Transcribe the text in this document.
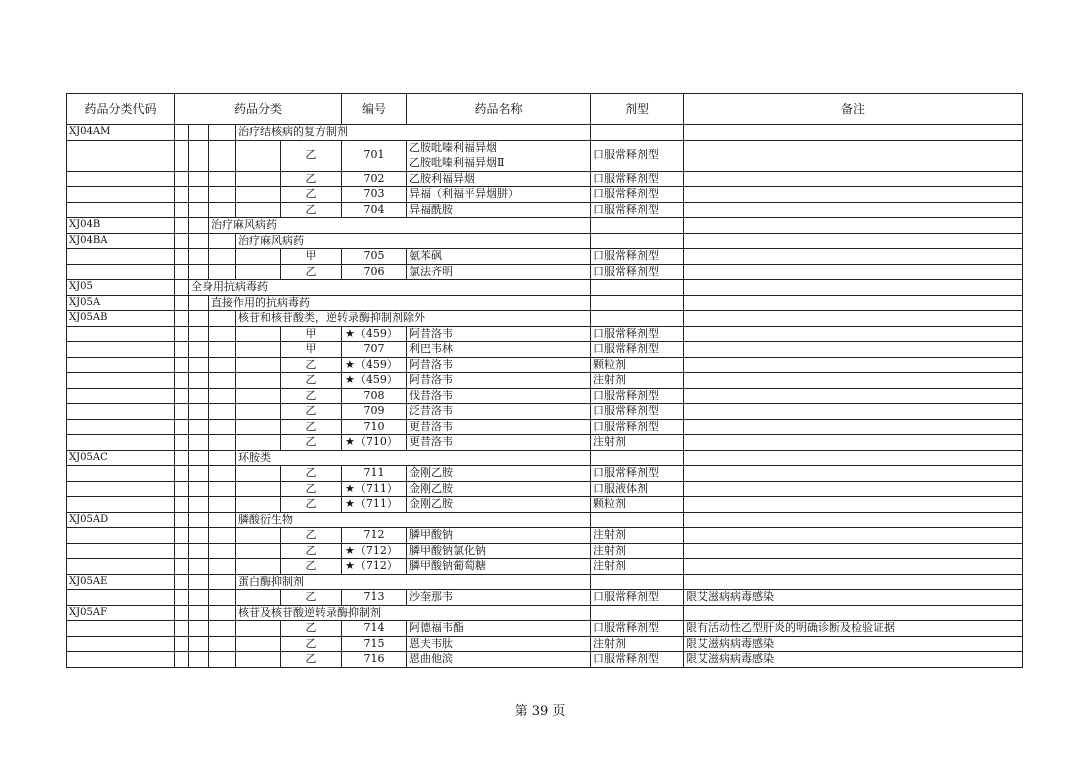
药品分类代码	药品分类					编号	药品名称	剂型	备注
XJ04AM				治疗结核病的复方制剂					
					乙	701	乙胺吡嗪利福异烟
乙胺吡嗪利福异烟Ⅱ	口服常释剂型	
					乙	702	乙胺利福异烟	口服常释剂型	
					乙	703	异福（利福平异烟肼）	口服常释剂型	
					乙	704	异福酰胺	口服常释剂型	
XJ04B			治疗麻风病药						
XJ04BA				治疗麻风病药					
					甲	705	氨苯砜	口服常释剂型	
					乙	706	氯法齐明	口服常释剂型	
XJ05		全身用抗病毒药							
XJ05A			直接作用的抗病毒药						
XJ05AB				核苷和核苷酸类，逆转录酶抑制剂除外					
					甲	★（459）	阿昔洛韦	口服常释剂型	
					甲	707	利巴韦林	口服常释剂型	
					乙	★（459）	阿昔洛韦	颗粒剂	
					乙	★（459）	阿昔洛韦	注射剂	
					乙	708	伐昔洛韦	口服常释剂型	
					乙	709	泛昔洛韦	口服常释剂型	
					乙	710	更昔洛韦	口服常释剂型	
					乙	★（710）	更昔洛韦	注射剂	
XJ05AC				环胺类					
					乙	711	金刚乙胺	口服常释剂型	
					乙	★（711）	金刚乙胺	口服液体剂	
					乙	★（711）	金刚乙胺	颗粒剂	
XJ05AD				膦酸衍生物					
					乙	712	膦甲酸钠	注射剂	
					乙	★（712）	膦甲酸钠氯化钠	注射剂	
					乙	★（712）	膦甲酸钠葡萄糖	注射剂	
XJ05AE				蛋白酶抑制剂					
					乙	713	沙奎那韦	口服常释剂型	限艾滋病病毒感染
XJ05AF				核苷及核苷酸逆转录酶抑制剂					
					乙	714	阿德福韦酯	口服常释剂型	限有活动性乙型肝炎的明确诊断及检验证据
					乙	715	恩夫韦肽	注射剂	限艾滋病病毒感染
					乙	716	恩曲他滨	口服常释剂型	限艾滋病病毒感染
第 39 页
